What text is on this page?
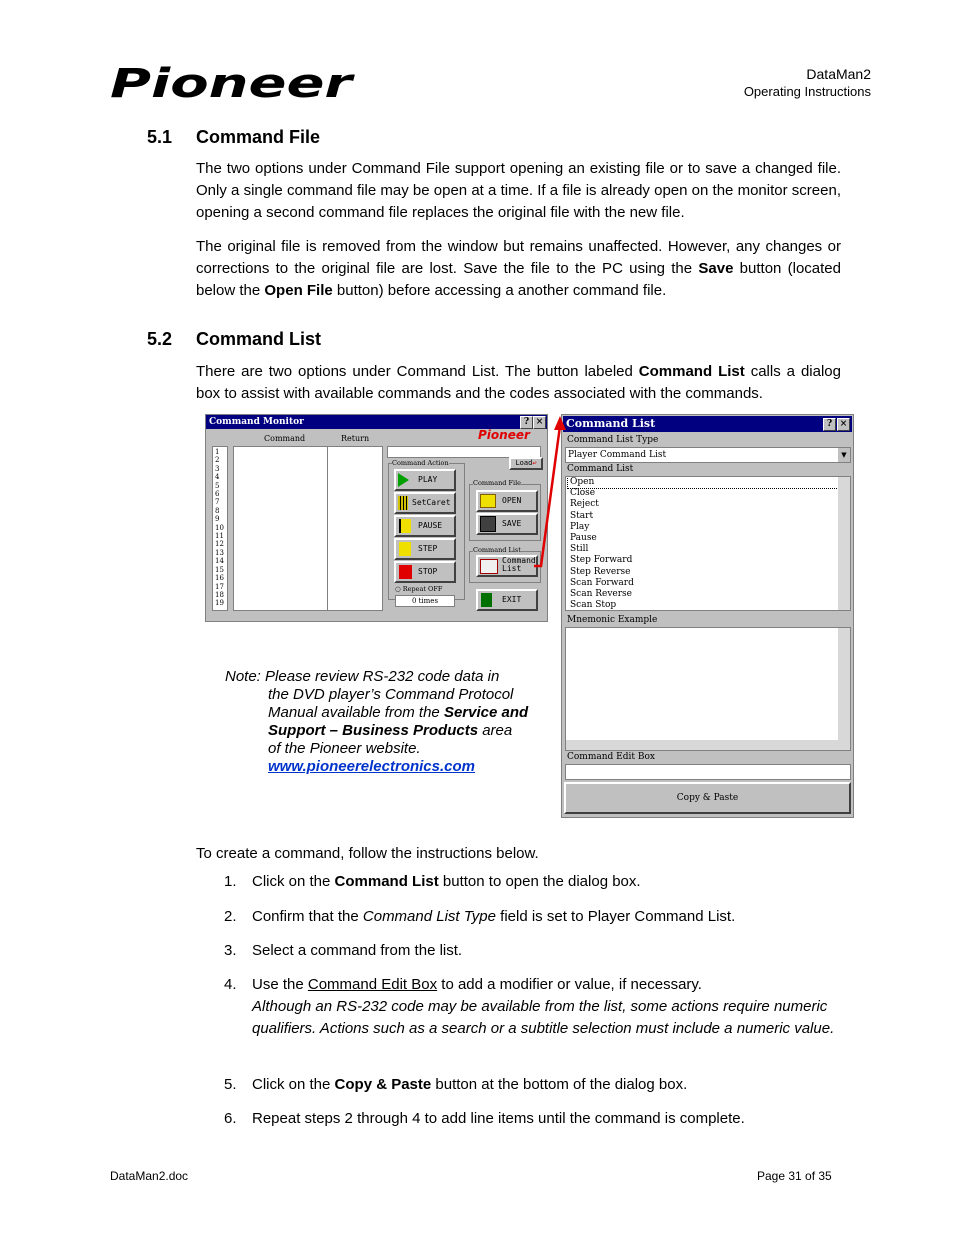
Pioneer	DataMan2
Operating Instructions
5.1 Command File
The two options under Command File support opening an existing file or to save a changed file. Only a single command file may be open at a time. If a file is already open on the monitor screen, opening a second command file replaces the original file with the new file.
The original file is removed from the window but remains unaffected. However, any changes or corrections to the original file are lost. Save the file to the PC using the Save button (located below the Open File button) before accessing a another command file.
5.2 Command List
There are two options under Command List. The button labeled Command List calls a dialog box to assist with available commands and the codes associated with the commands.
Command Monitor	? ×
Command	Return	Pioneer
1
2
3
4
5
6
7
8
9
10
11
12
13
14
15
16
17
18
19
Load↩
Command Action
PLAY
SetCaret
PAUSE
STEP
STOP
○ Repeat OFF
0 times
Command File
OPEN
SAVE
Command List
Command
List
EXIT
Command List	? ×
Command List Type
Player Command List	▼
Command List
Open
Close
Reject
Start
Play
Pause
Still
Step Forward
Step Reverse
Scan Forward
Scan Reverse
Scan Stop
Mnemonic Example
Command Edit Box
Copy & Paste
Note: Please review RS-232 code data in
the DVD player’s Command Protocol
Manual available from the Service and
Support – Business Products area
of the Pioneer website.
www.pioneerelectronics.com
To create a command, follow the instructions below.
1. Click on the Command List button to open the dialog box.
2. Confirm that the Command List Type field is set to Player Command List.
3. Select a command from the list.
4. Use the Command Edit Box to add a modifier or value, if necessary.
Although an RS-232 code may be available from the list, some actions require numeric qualifiers. Actions such as a search or a subtitle selection must include a numeric value.
5. Click on the Copy & Paste button at the bottom of the dialog box.
6. Repeat steps 2 through 4 to add line items until the command is complete.
DataMan2.doc	Page 31 of 35
